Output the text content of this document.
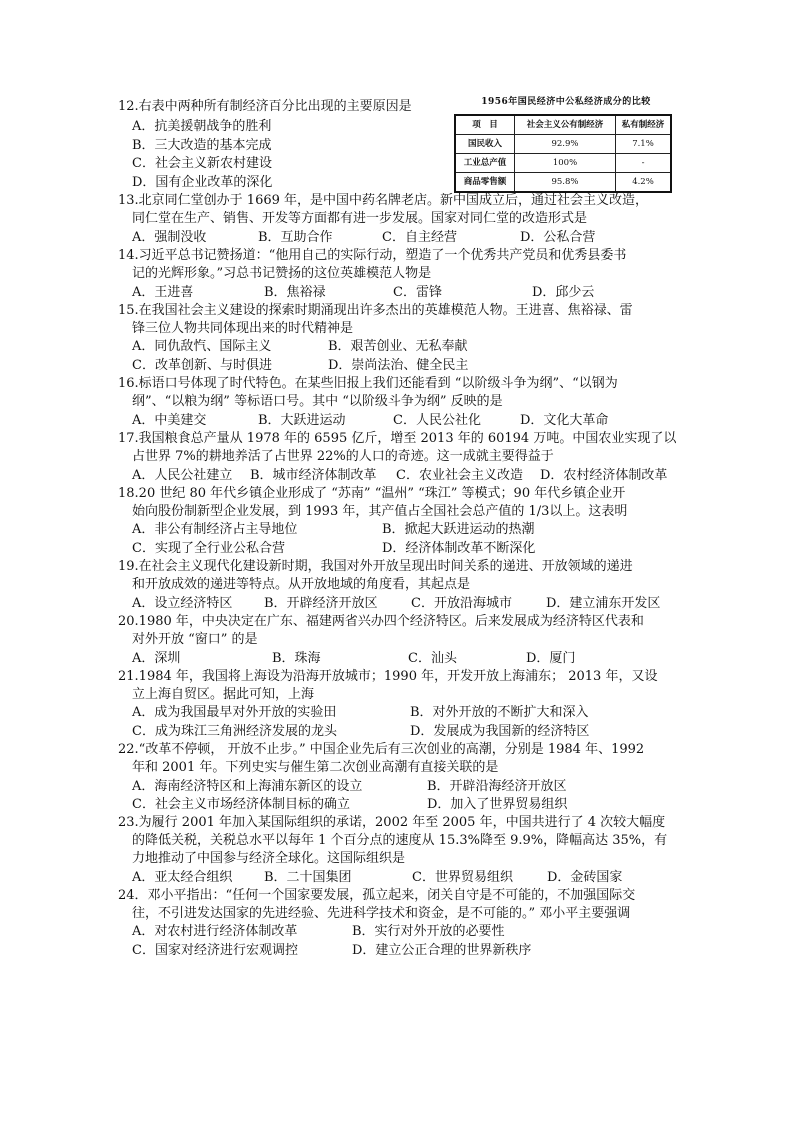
12.右表中两种所有制经济百分比出现的主要原因是
A．抗美援朝战争的胜利
B．三大改造的基本完成
C．社会主义新农村建设
D．国有企业改革的深化
1956年国民经济中公私经济成分的比较
项　目	社会主义公有制经济	私有制经济
国民收入	92.9%	7.1%
工业总产值	100%	-
商品零售额	95.8%	4.2%
13.北京同仁堂创办于 1669 年，是中国中药名牌老店。新中国成立后，通过社会主义改造，
同仁堂在生产、销售、开发等方面都有进一步发展。国家对同仁堂的改造形式是
A．强制没收	B．互助合作	C．自主经营	D．公私合营
14.习近平总书记赞扬道：“他用自己的实际行动，塑造了一个优秀共产党员和优秀县委书
记的光辉形象。”习总书记赞扬的这位英雄模范人物是
A．王进喜	B．焦裕禄	C．雷锋	D．邱少云
15.在我国社会主义建设的探索时期涌现出许多杰出的英雄模范人物。王进喜、焦裕禄、雷
锋三位人物共同体现出来的时代精神是
A．同仇敌忾、国际主义	B．艰苦创业、无私奉献
C．改革创新、与时俱进	D．崇尚法治、健全民主
16.标语口号体现了时代特色。在某些旧报上我们还能看到 “以阶级斗争为纲”、“以钢为
纲”、“以粮为纲” 等标语口号。其中 “以阶级斗争为纲” 反映的是
A．中美建交	B．大跃进运动	C．人民公社化	D．文化大革命
17.我国粮食总产量从 1978 年的 6595 亿斤，增至 2013 年的 60194 万吨。中国农业实现了以
占世界 7%的耕地养活了占世界 22%的人口的奇迹。这一成就主要得益于
A．人民公社建立 B．城市经济体制改革 C．农业社会主义改造 D．农村经济体制改革
18.20 世纪 80 年代乡镇企业形成了 “苏南” “温州” “珠江” 等模式；90 年代乡镇企业开
始向股份制新型企业发展，到 1993 年，其产值占全国社会总产值的 1/3以上。这表明
A．非公有制经济占主导地位	B．掀起大跃进运动的热潮
C．实现了全行业公私合营	D．经济体制改革不断深化
19.在社会主义现代化建设新时期，我国对外开放呈现出时间关系的递进、开放领域的递进
和开放成效的递进等特点。从开放地域的角度看，其起点是
A．设立经济特区 B．开辟经济开放区	C．开放沿海城市	D．建立浦东开发区
20.1980 年，中央决定在广东、福建两省兴办四个经济特区。后来发展成为经济特区代表和
对外开放 “窗口” 的是
A．深圳	B．珠海	C．汕头	D．厦门
21.1984 年，我国将上海设为沿海开放城市；1990 年，开发开放上海浦东； 2013 年，又设
立上海自贸区。据此可知，上海
A．成为我国最早对外开放的实验田	B．对外开放的不断扩大和深入
C．成为珠江三角洲经济发展的龙头	D．发展成为我国新的经济特区
22.“改革不停顿， 开放不止步。” 中国企业先后有三次创业的高潮，分别是 1984 年、1992
年和 2001 年。下列史实与催生第二次创业高潮有直接关联的是
A．海南经济特区和上海浦东新区的设立	B．开辟沿海经济开放区
C．社会主义市场经济体制目标的确立	D．加入了世界贸易组织
23.为履行 2001 年加入某国际组织的承诺，2002 年至 2005 年，中国共进行了 4 次较大幅度
的降低关税，关税总水平以每年 1 个百分点的速度从 15.3%降至 9.9%，降幅高达 35%，有
力地推动了中国参与经济全球化。这国际组织是
A．亚太经合组织 B．二十国集团	C．世界贸易组织	D．金砖国家
24．邓小平指出：“任何一个国家要发展，孤立起来，闭关自守是不可能的，不加强国际交
往，不引进发达国家的先进经验、先进科学技术和资金，是不可能的。” 邓小平主要强调
A．对农村进行经济体制改革	B．实行对外开放的必要性
C．国家对经济进行宏观调控	D．建立公正合理的世界新秩序
